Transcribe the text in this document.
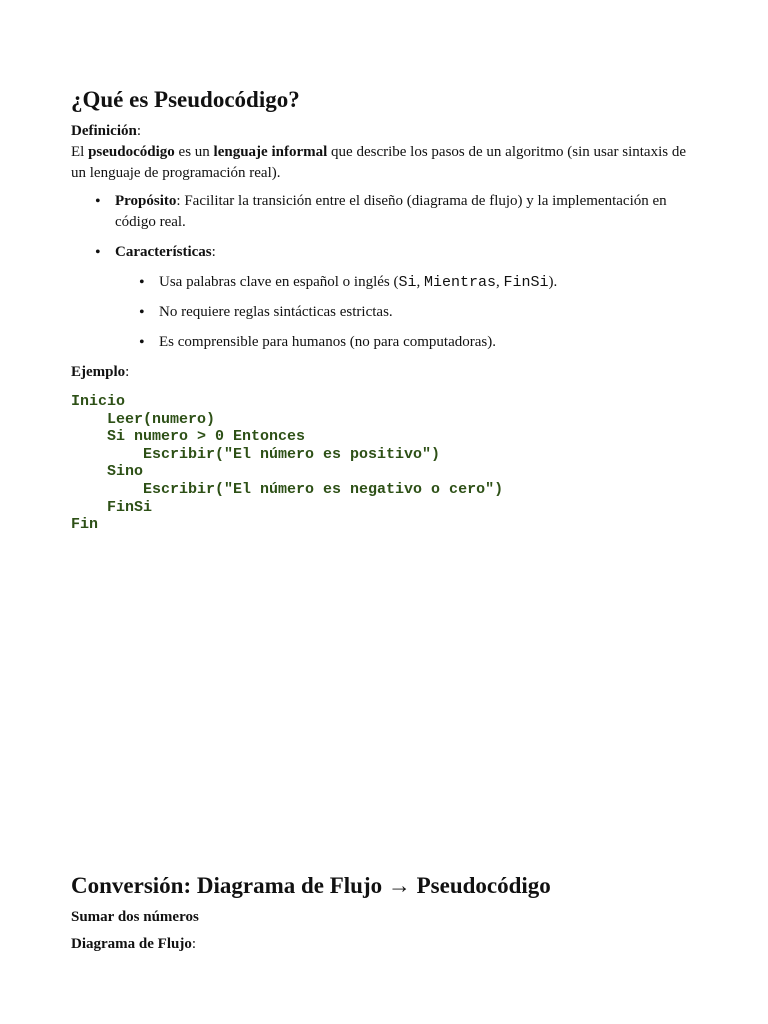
¿Qué es Pseudocódigo?

Definición:

El pseudocódigo es un lenguaje informal que describe los pasos de un algoritmo (sin usar sintaxis de un lenguaje de programación real).

• Propósito: Facilitar la transición entre el diseño (diagrama de flujo) y la implementación en código real.
• Características:
• Usa palabras clave en español o inglés (Si, Mientras, FinSi).
• No requiere reglas sintácticas estrictas.
• Es comprensible para humanos (no para computadoras).

Ejemplo:

Inicio
Leer(numero)
Si numero > 0 Entonces
Escribir("El número es positivo")
Sino
Escribir("El número es negativo o cero")
FinSi
Fin
Conversión: Diagrama de Flujo → Pseudocódigo

Sumar dos números

Diagrama de Flujo:
